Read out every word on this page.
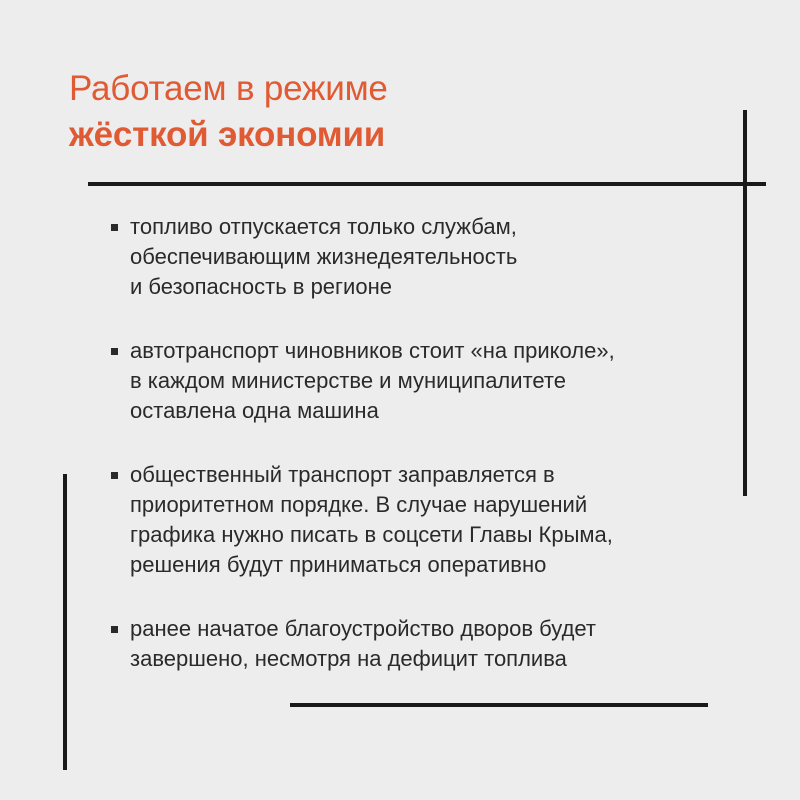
Работаем в режиме
жёсткой экономии
топливо отпускается только службам,
обеспечивающим жизнедеятельность
и безопасность в регионе
автотранспорт чиновников стоит «на приколе»,
в каждом министерстве и муниципалитете
оставлена одна машина
общественный транспорт заправляется в
приоритетном порядке. В случае нарушений
графика нужно писать в соцсети Главы Крыма,
решения будут приниматься оперативно
ранее начатое благоустройство дворов будет
завершено, несмотря на дефицит топлива
